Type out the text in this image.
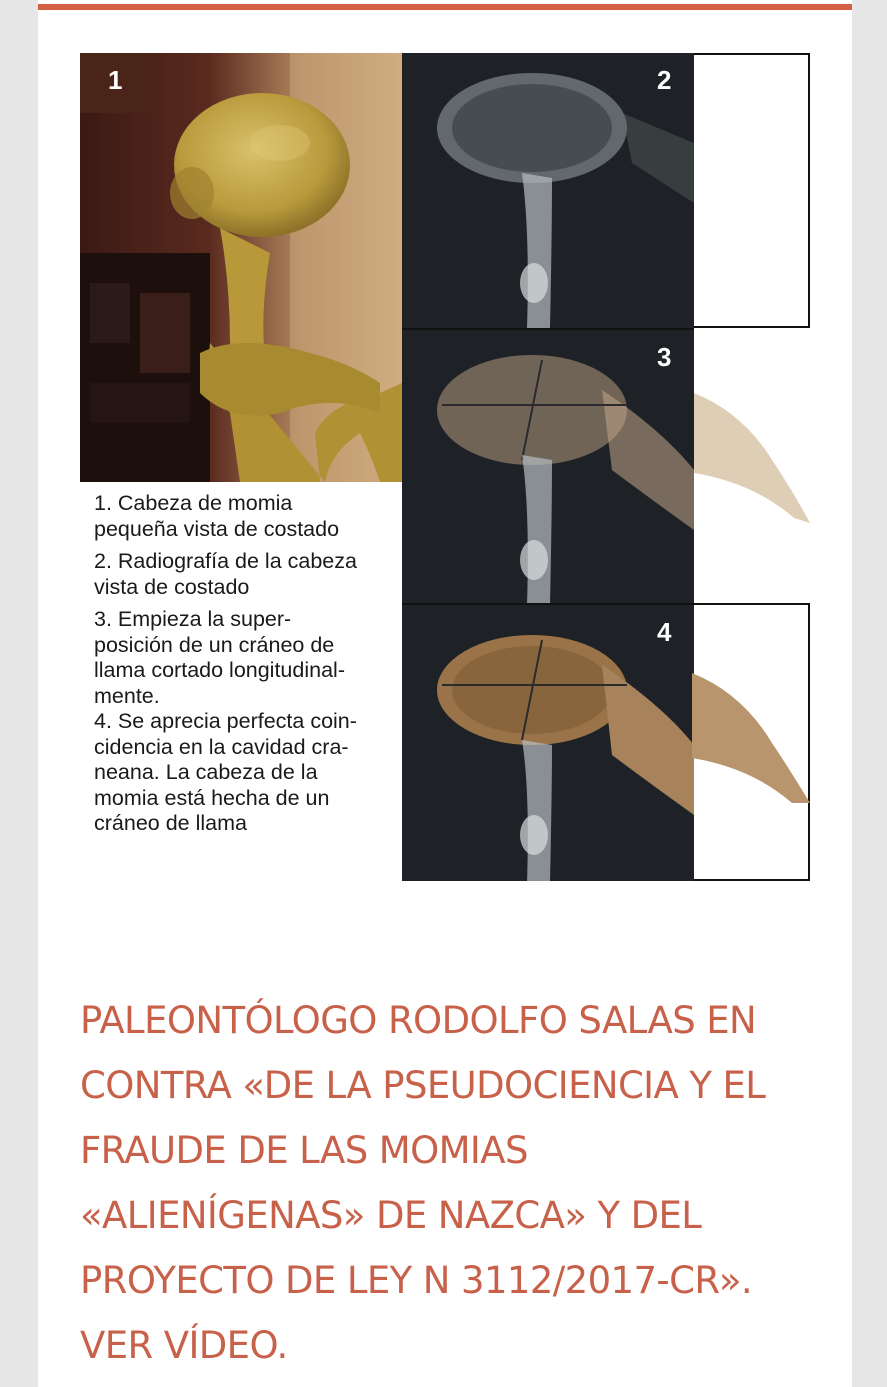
1	2
3
4
1. Cabeza de momia
pequeña vista de costado
2. Radiografía de la cabeza
vista de costado
3. Empieza la super-
posición de un cráneo de
llama cortado longitudinal-
mente.
4. Se aprecia perfecta coin-
cidencia en la cavidad cra-
neana. La cabeza de la
momia está hecha de un
cráneo de llama
PALEONTÓLOGO RODOLFO SALAS EN
CONTRA «DE LA PSEUDOCIENCIA Y EL
FRAUDE DE LAS MOMIAS
«ALIENÍGENAS» DE NAZCA» Y DEL
PROYECTO DE LEY N 3112/2017-CR».
VER VÍDEO.
